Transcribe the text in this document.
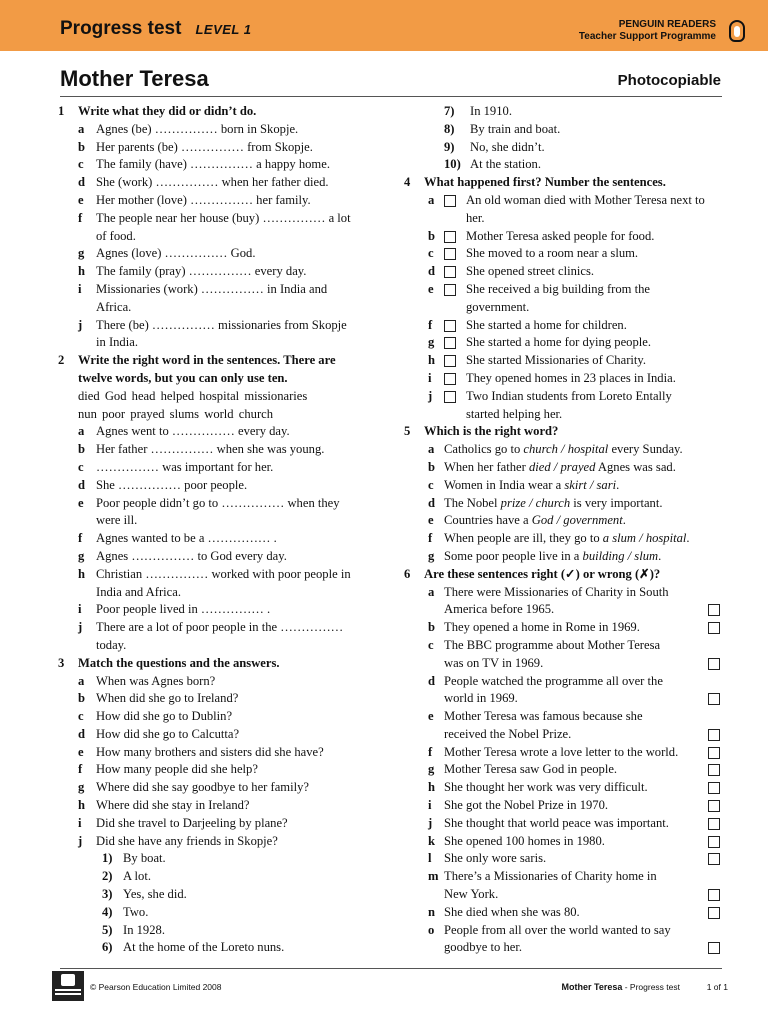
Progress test LEVEL 1	PENGUIN READERS
Teacher Support Programme
Mother Teresa	Photocopiable
1 Write what they did or didn’t do.
a Agnes (be) …………… born in Skopje.
b Her parents (be) …………… from Skopje.
c The family (have) …………… a happy home.
d She (work) …………… when her father died.
e Her mother (love) …………… her family.
f The people near her house (buy) …………… a lot
of food.
g Agnes (love) …………… God.
h The family (pray) …………… every day.
i Missionaries (work) …………… in India and
Africa.
j There (be) …………… missionaries from Skopje
in India.
2 Write the right word in the sentences. There are
twelve words, but you can only use ten.
died God head helped hospital missionaries
nun poor prayed slums world church
a Agnes went to …………… every day.
b Her father …………… when she was young.
c …………… was important for her.
d She …………… poor people.
e Poor people didn’t go to …………… when they
were ill.
f Agnes wanted to be a …………… .
g Agnes …………… to God every day.
h Christian …………… worked with poor people in
India and Africa.
i Poor people lived in …………… .
j There are a lot of poor people in the ……………
today.
3 Match the questions and the answers.
a When was Agnes born?
b When did she go to Ireland?
c How did she go to Dublin?
d How did she go to Calcutta?
e How many brothers and sisters did she have?
f How many people did she help?
g Where did she say goodbye to her family?
h Where did she stay in Ireland?
i Did she travel to Darjeeling by plane?
j Did she have any friends in Skopje?
1) By boat.
2) A lot.
3) Yes, she did.
4) Two.
5) In 1928.
6) At the home of the Loreto nuns.
7) In 1910.
8) By train and boat.
9) No, she didn’t.
10) At the station.
4 What happened first? Number the sentences.
a	An old woman died with Mother Teresa next to
her.
b Mother Teresa asked people for food.
c	She moved to a room near a slum.
d She opened street clinics.
e	She received a big building from the
government.
f	She started a home for children.
g	She started a home for dying people.
h She started Missionaries of Charity.
i	They opened homes in 23 places in India.
j	Two Indian students from Loreto Entally
started helping her.
5 Which is the right word?
a Catholics go to church / hospital every Sunday.
b When her father died / prayed Agnes was sad.
c Women in India wear a skirt / sari.
d The Nobel prize / church is very important.
e Countries have a God / government.
f When people are ill, they go to a slum / hospital.
g Some poor people live in a building / slum.
6 Are these sentences right (✓) or wrong (✗)?
a There were Missionaries of Charity in South
America before 1965.
b They opened a home in Rome in 1969.
c The BBC programme about Mother Teresa
was on TV in 1969.
d People watched the programme all over the
world in 1969.
e Mother Teresa was famous because she
received the Nobel Prize.
f Mother Teresa wrote a love letter to the world.
g Mother Teresa saw God in people.
h She thought her work was very difficult.
i She got the Nobel Prize in 1970.
j She thought that world peace was important.
k She opened 100 homes in 1980.
l She only wore saris.
m There’s a Missionaries of Charity home in
New York.
n She died when she was 80.
o People from all over the world wanted to say
goodbye to her.
© Pearson Education Limited 2008	Mother Teresa - Progress test	1 of 1
